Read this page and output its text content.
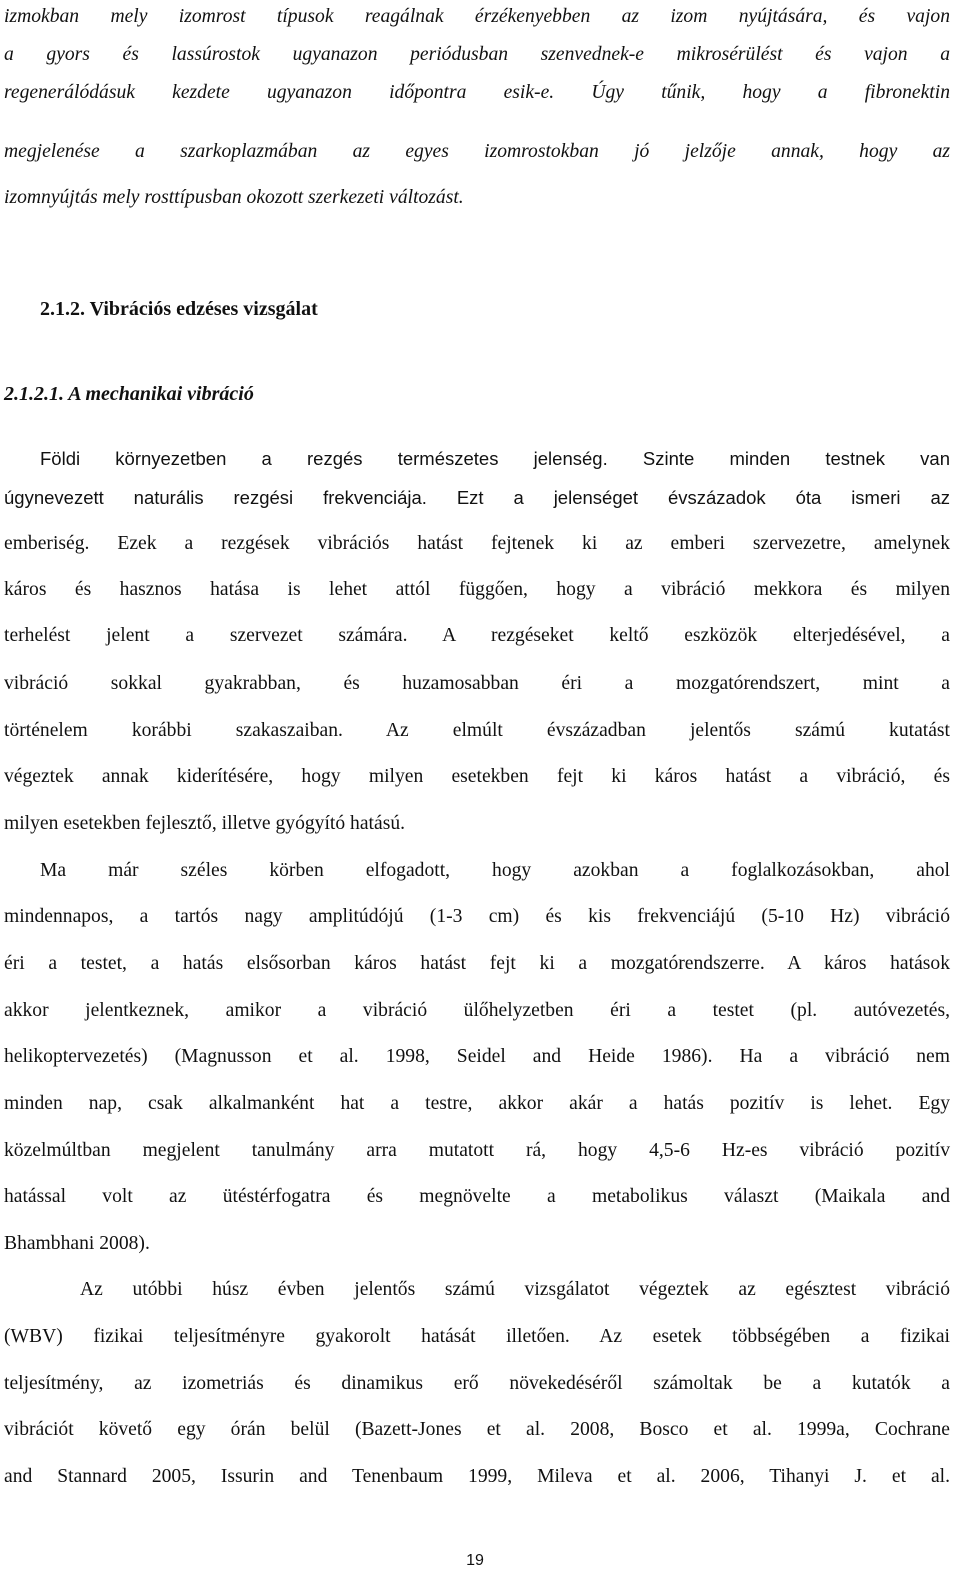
izmokban mely izomrost típusok reagálnak érzékenyebben az izom nyújtására, és vajon
a gyors és lassúrostok ugyanazon periódusban szenvednek-e mikrosérülést és vajon a
regenerálódásuk kezdete ugyanazon időpontra esik-e. Úgy tűnik, hogy a fibronektin
megjelenése a szarkoplazmában az egyes izomrostokban jó jelzője annak, hogy az
izomnyújtás mely rosttípusban okozott szerkezeti változást.
2.1.2. Vibrációs edzéses vizsgálat
2.1.2.1. A mechanikai vibráció
Földi környezetben a rezgés természetes jelenség. Szinte minden testnek van
úgynevezett naturális rezgési frekvenciája. Ezt a jelenséget évszázadok óta ismeri az
emberiség. Ezek a rezgések vibrációs hatást fejtenek ki az emberi szervezetre, amelynek
káros és hasznos hatása is lehet attól függően, hogy a vibráció mekkora és milyen
terhelést jelent a szervezet számára. A rezgéseket keltő eszközök elterjedésével, a
vibráció sokkal gyakrabban, és huzamosabban éri a mozgatórendszert, mint a
történelem korábbi szakaszaiban. Az elmúlt évszázadban jelentős számú kutatást
végeztek annak kiderítésére, hogy milyen esetekben fejt ki káros hatást a vibráció, és
milyen esetekben fejlesztő, illetve gyógyító hatású.
Ma már széles körben elfogadott, hogy azokban a foglalkozásokban, ahol
mindennapos, a tartós nagy amplitúdójú (1-3 cm) és kis frekvenciájú (5-10 Hz) vibráció
éri a testet, a hatás elsősorban káros hatást fejt ki a mozgatórendszerre. A káros hatások
akkor jelentkeznek, amikor a vibráció ülőhelyzetben éri a testet (pl. autóvezetés,
helikoptervezetés) (Magnusson et al. 1998, Seidel and Heide 1986). Ha a vibráció nem
minden nap, csak alkalmanként hat a testre, akkor akár a hatás pozitív is lehet. Egy
közelmúltban megjelent tanulmány arra mutatott rá, hogy 4,5-6 Hz-es vibráció pozitív
hatással volt az ütéstérfogatra és megnövelte a metabolikus választ (Maikala and
Bhambhani 2008).
Az utóbbi húsz évben jelentős számú vizsgálatot végeztek az egésztest vibráció
(WBV) fizikai teljesítményre gyakorolt hatását illetően. Az esetek többségében a fizikai
teljesítmény, az izometriás és dinamikus erő növekedéséről számoltak be a kutatók a
vibrációt követő egy órán belül (Bazett-Jones et al. 2008, Bosco et al. 1999a, Cochrane
and Stannard 2005, Issurin and Tenenbaum 1999, Mileva et al. 2006, Tihanyi J. et al.
19
